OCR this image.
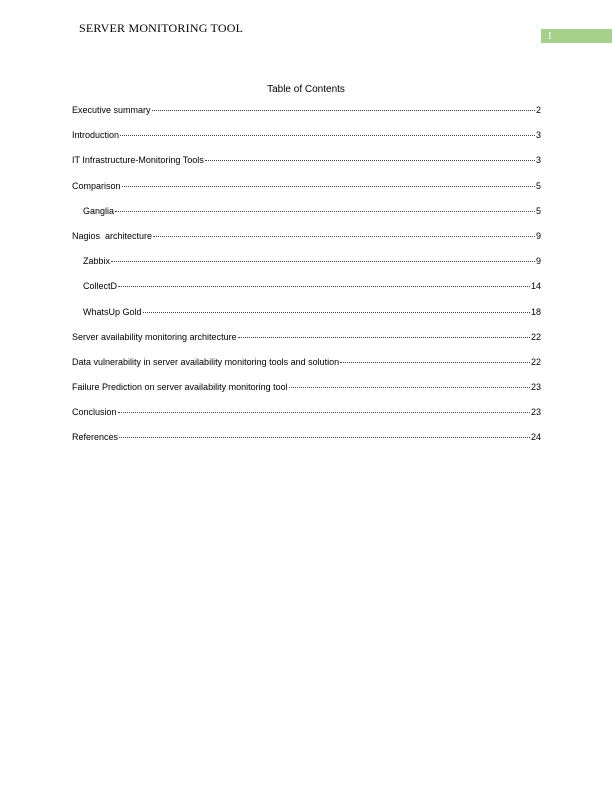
SERVER MONITORING TOOL
1
Table of Contents
Executive summary	2
Introduction	3
IT Infrastructure-Monitoring Tools	3
Comparison	5
Ganglia	5
Nagios  architecture	9
Zabbix	9
CollectD	14
WhatsUp Gold	18
Server availability monitoring architecture	22
Data vulnerability in server availability monitoring tools and solution	22
Failure Prediction on server availability monitoring tool	23
Conclusion	23
References	24
